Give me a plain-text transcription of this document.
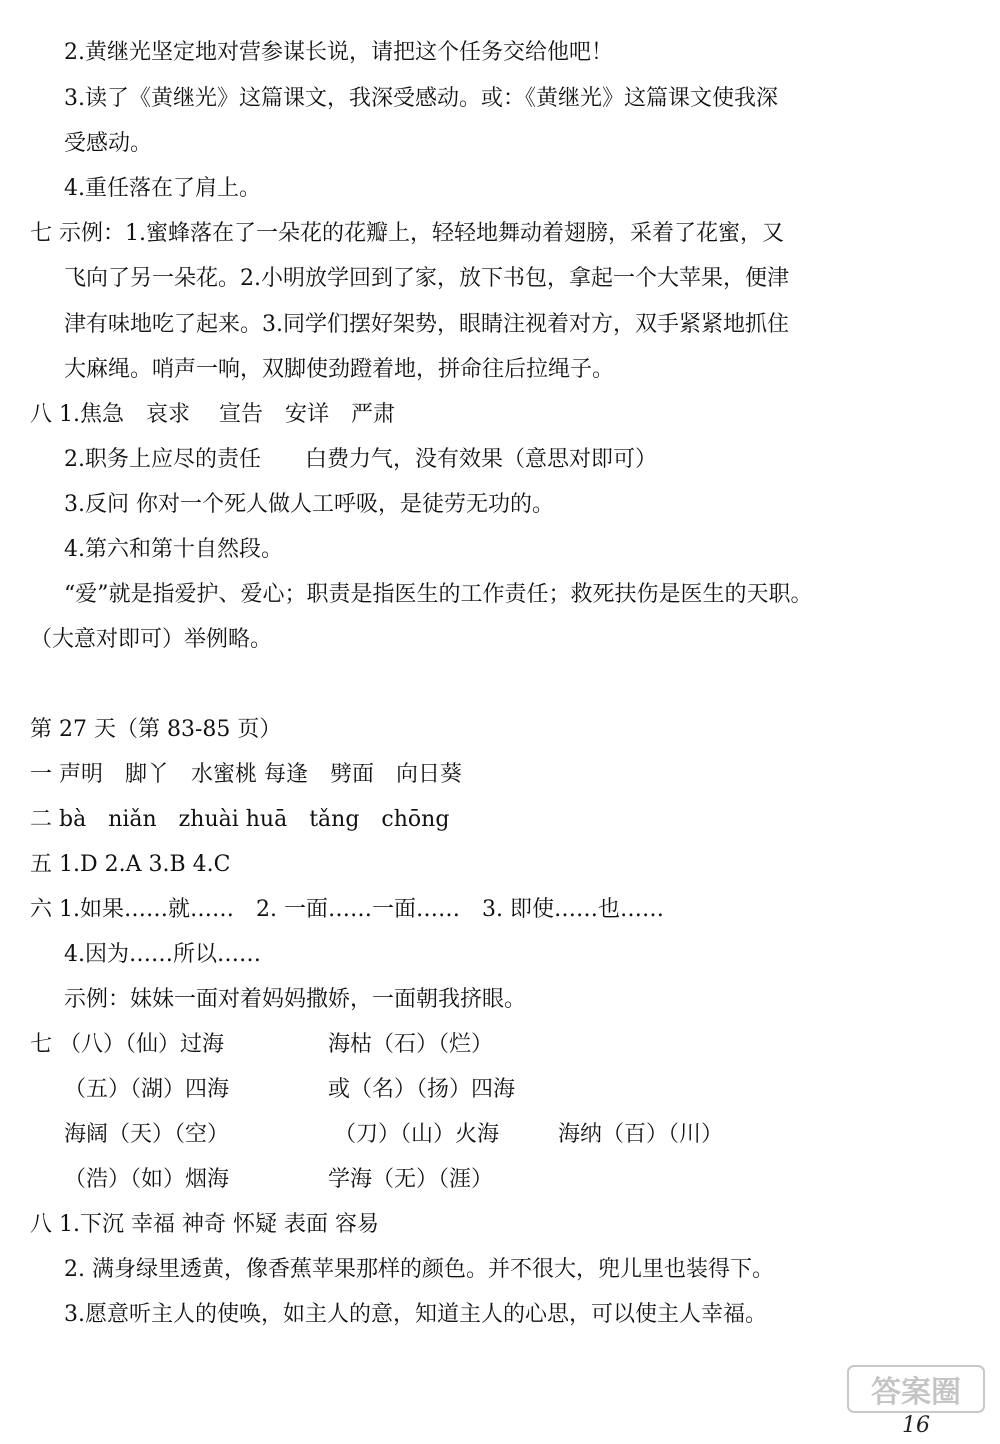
2.黄继光坚定地对营参谋长说，请把这个任务交给他吧！
3.读了《黄继光》这篇课文，我深受感动。或：《黄继光》这篇课文使我深
受感动。
4.重任落在了肩上。
七 示例：1.蜜蜂落在了一朵花的花瓣上，轻轻地舞动着翅膀，采着了花蜜，又
飞向了另一朵花。2.小明放学回到了家，放下书包，拿起一个大苹果，便津
津有味地吃了起来。3.同学们摆好架势，眼睛注视着对方，双手紧紧地抓住
大麻绳。哨声一响，双脚使劲蹬着地，拼命往后拉绳子。
八 1.焦急　哀求　 宣告　安详　严肃
2.职务上应尽的责任　　白费力气，没有效果（意思对即可）
3.反问 你对一个死人做人工呼吸，是徒劳无功的。
4.第六和第十自然段。
“爱”就是指爱护、爱心；职责是指医生的工作责任；救死扶伤是医生的天职。
（大意对即可）举例略。
第 27 天（第 83-85 页）
一 声明　脚丫　水蜜桃 每逢　劈面　向日葵
二 bà　niǎn　zhuài huā　tǎng　chōng
五 1.D 2.A 3.B 4.C
六 1.如果……就……　2. 一面……一面……　3. 即使……也……
4.因为……所以……
示例：妹妹一面对着妈妈撒娇，一面朝我挤眼。
七 （八）（仙）过海	海枯（石）（烂）
（五）（湖）四海	或（名）（扬）四海
海阔（天）（空）	（刀）（山）火海	海纳（百）（川）
（浩）（如）烟海	学海（无）（涯）
八 1.下沉 幸福 神奇 怀疑 表面 容易
2. 满身绿里透黄，像香蕉苹果那样的颜色。并不很大，兜儿里也装得下。
3.愿意听主人的使唤，如主人的意，知道主人的心思，可以使主人幸福。
答案圈
16
